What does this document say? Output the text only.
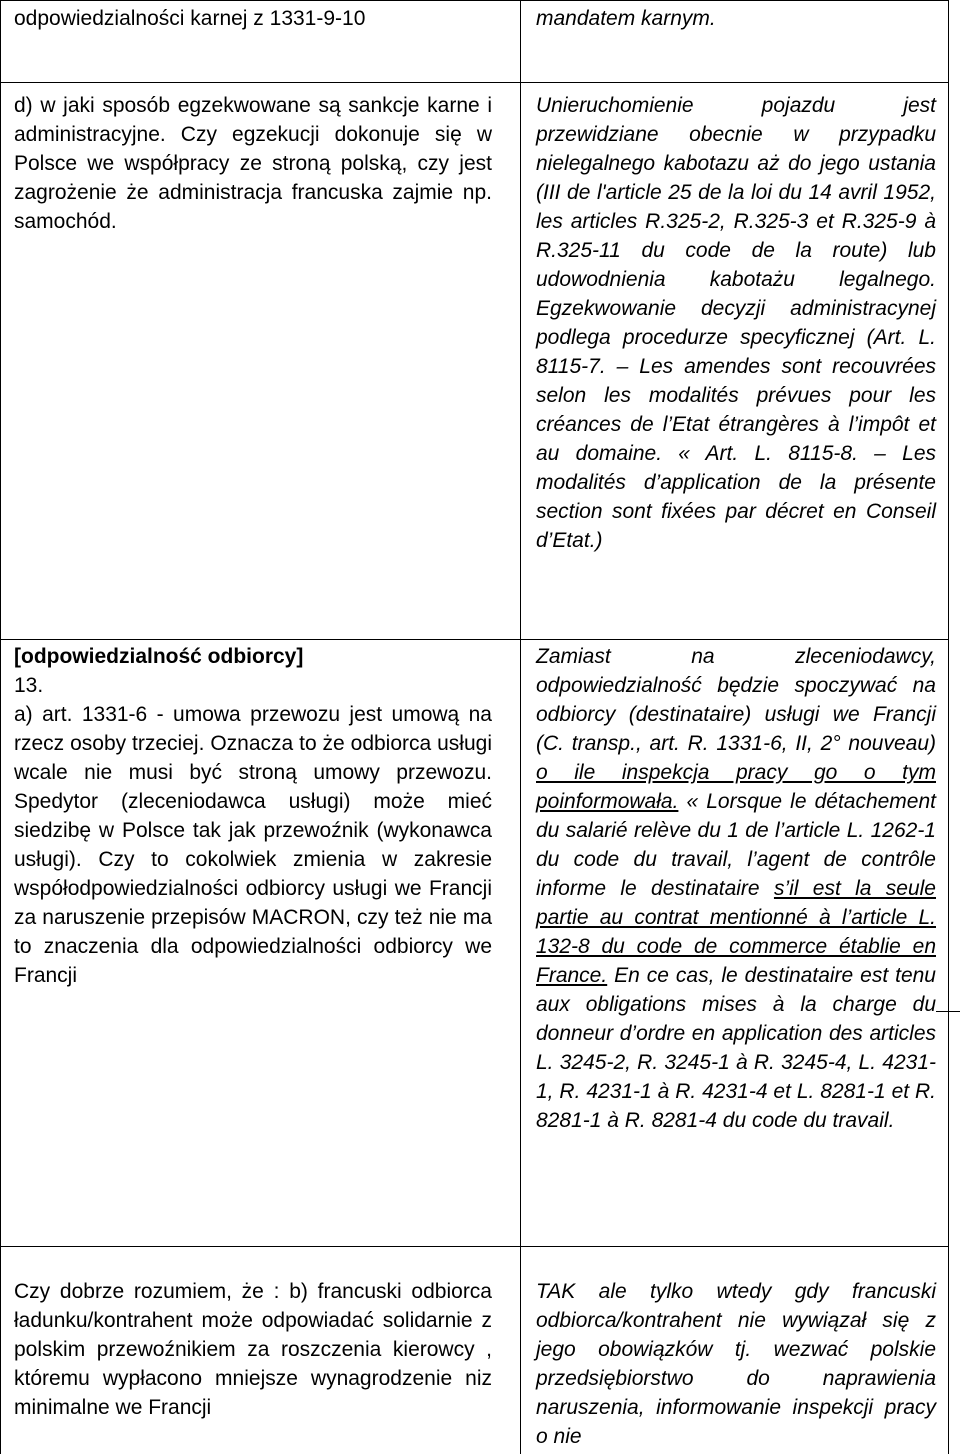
odpowiedzialności karnej z 1331-9-10	mandatem karnym.

d) w jaki sposób egzekwowane są sankcje karne i administracyjne. Czy egzekucji dokonuje się w Polsce we współpracy ze stroną polską, czy jest zagrożenie że administracja francuska zajmie np. samochód.

Unieruchomienie pojazdu jest przewidziane obecnie w przypadku nielegalnego kabotazu aż do jego ustania (III de l'article 25 de la loi du 14 avril 1952, les articles R.325-2, R.325-3 et R.325-9 à R.325-11 du code de la route) lub udowodnienia kabotażu legalnego. Egzekwowanie decyzji administracynej podlega procedurze specyficznej (Art. L. 8115-7. – Les amendes sont recouvrées selon les modalités prévues pour les créances de l’Etat étrangères à l’impôt et au domaine. « Art. L. 8115-8. – Les modalités d’application de la présente section sont fixées par décret en Conseil d’Etat.)

[odpowiedzialność odbiorcy]

13.

a) art. 1331-6 - umowa przewozu jest umową na rzecz osoby trzeciej. Oznacza to że odbiorca usługi wcale nie musi być stroną umowy przewozu. Spedytor (zleceniodawca usługi) może mieć siedzibę w Polsce tak jak przewoźnik (wykonawca usługi). Czy to cokolwiek zmienia w zakresie współodpowiedzialności odbiorcy usługi we Francji za naruszenie przepisów MACRON, czy też nie ma to znaczenia dla odpowiedzialności odbiorcy we Francji

Zamiast na zleceniodawcy, odpowiedzialność będzie spoczywać na odbiorcy (destinataire) usługi we Francji (C. transp., art. R. 1331-6, II, 2° nouveau) o ile inspekcja pracy go o tym poinformowała. « Lorsque le détachement du salarié relève du 1 de l’article L. 1262-1 du code du travail, l’agent de contrôle informe le destinataire s’il est la seule partie au contrat mentionné à l’article L. 132-8 du code de commerce établie en France. En ce cas, le destinataire est tenu aux obligations mises à la charge du donneur d’ordre en application des articles L. 3245-2, R. 3245-1 à R. 3245-4, L. 4231-1, R. 4231-1 à R. 4231-4 et L. 8281-1 et R. 8281-1 à R. 8281-4 du code du travail.

Czy dobrze rozumiem, że : b) francuski odbiorca ładunku/kontrahent może odpowiadać solidarnie z polskim przewoźnikiem za roszczenia kierowcy , któremu wypłacono mniejsze wynagrodzenie niz minimalne we Francji

TAK ale tylko wtedy gdy francuski odbiorca/kontrahent nie wywiązał się z jego obowiązków tj. wezwać polskie przedsiębiorstwo do naprawienia naruszenia, informowanie inspekcji pracy o nie
